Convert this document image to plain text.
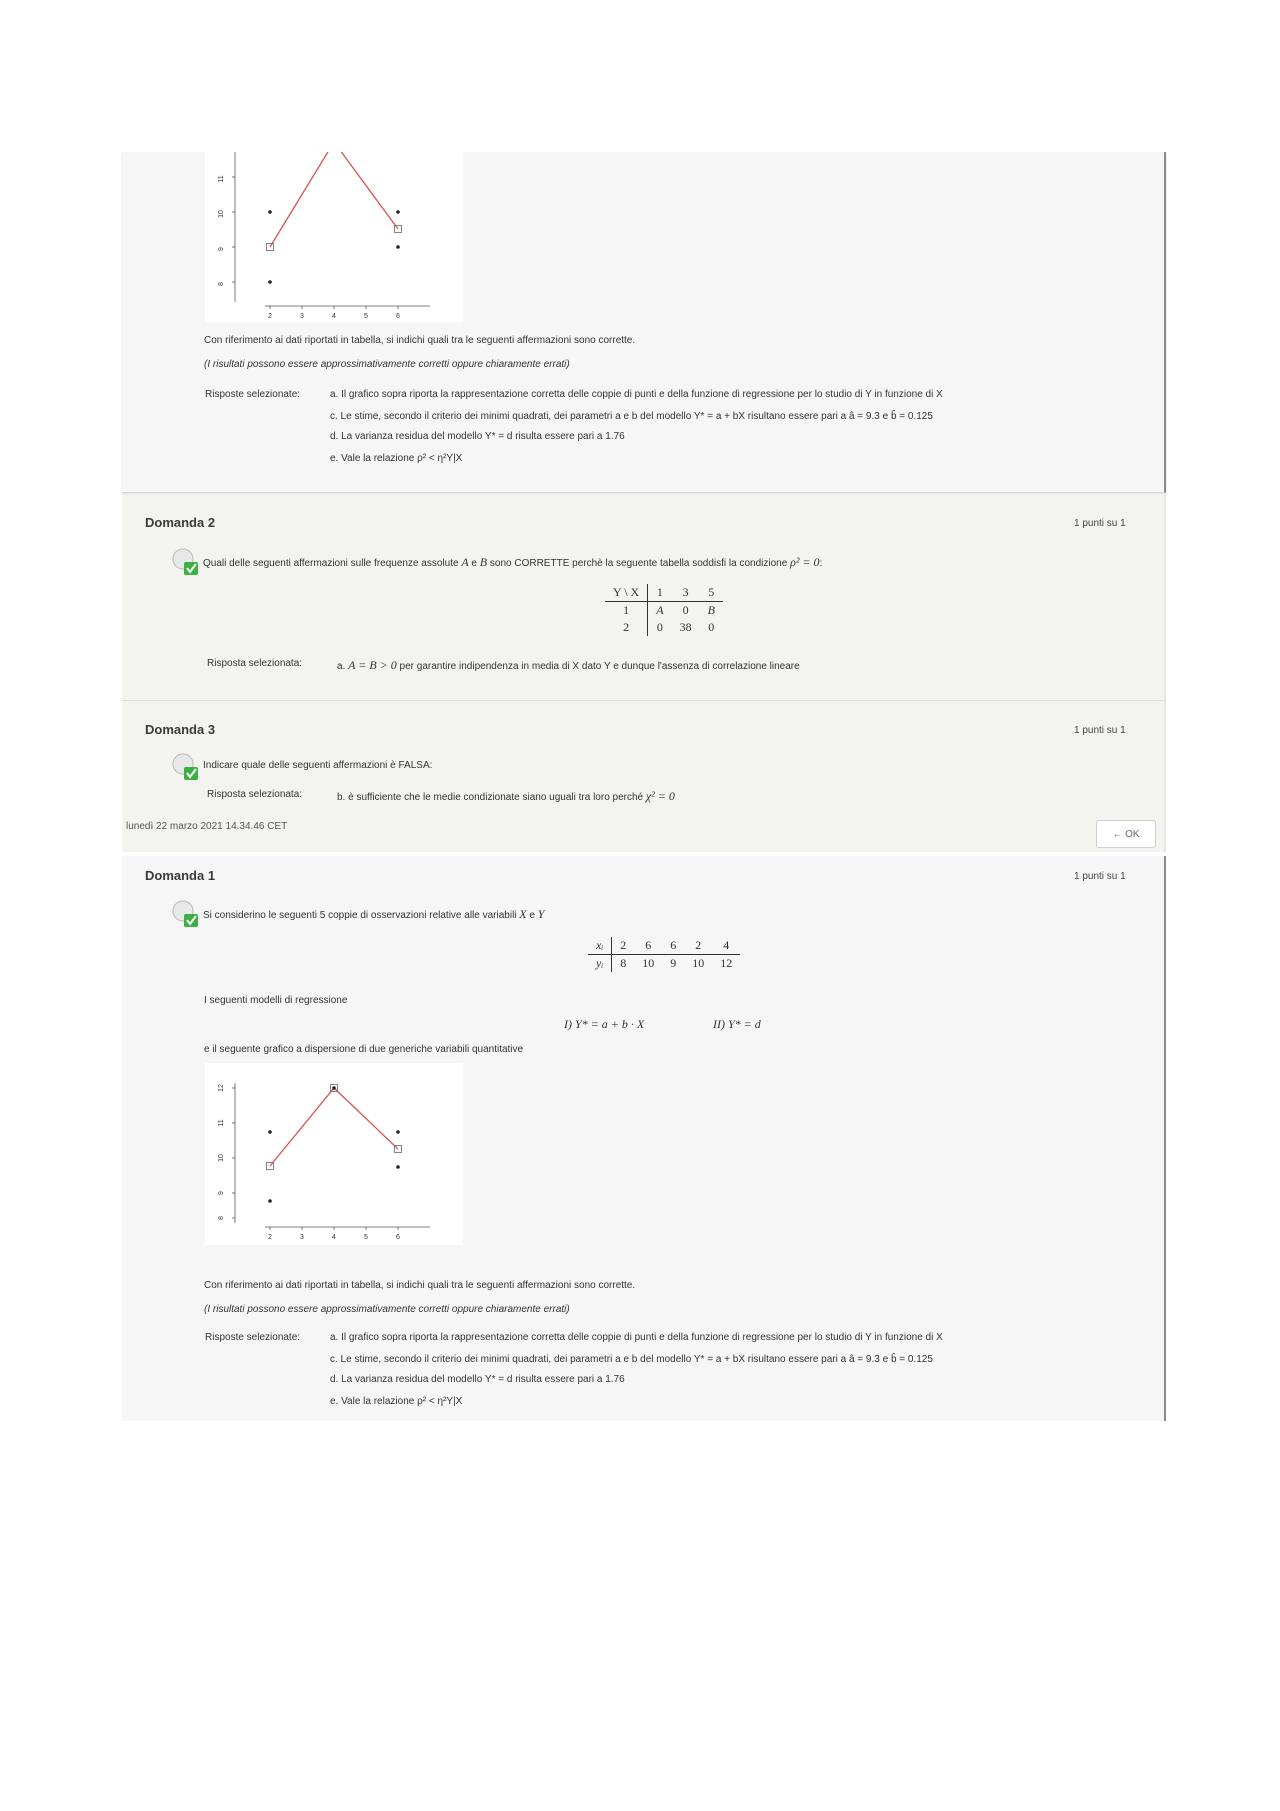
8
9
10
11
2	3	4	5	6
Con riferimento ai dati riportati in tabella, si indichi quali tra le seguenti affermazioni sono corrette.
(I risultati possono essere approssimativamente corretti oppure chiaramente errati)
Risposte selezionate:	a. Il grafico sopra riporta la rappresentazione corretta delle coppie di punti e della funzione di regressione per lo studio di Y in funzione di X
c. Le stime, secondo il criterio dei minimi quadrati, dei parametri a e b del modello Y* = a + bX risultano essere pari a â = 9.3 e b̂ = 0.125
d. La varianza residua del modello Y* = d risulta essere pari a 1.76
e. Vale la relazione ρ² < η²Y|X
Domanda 2	1 punti su 1
Quali delle seguenti affermazioni sulle frequenze assolute A e B sono CORRETTE perchè la seguente tabella soddisfi la condizione ρ² = 0:
Y \ X	1	3	5
1	A	0	B
2	0	38	0
Risposta selezionata:	a. A = B > 0 per garantire indipendenza in media di X dato Y e dunque l'assenza di correlazione lineare
Domanda 3	1 punti su 1
Indicare quale delle seguenti affermazioni è FALSA:
Risposta selezionata:	b. è sufficiente che le medie condizionate siano uguali tra loro perché χ² = 0
lunedì 22 marzo 2021 14.34.46 CET
← OK
Domanda 1	1 punti su 1
Si considerino le seguenti 5 coppie di osservazioni relative alle variabili X e Y
xᵢ	2	6	6	2	4
yᵢ	8	10	9	10	12
I seguenti modelli di regressione
I) Y* = a + b · X	II) Y* = d
e il seguente grafico a dispersione di due generiche variabili quantitative
8
9
10
11
12
2	3	4	5	6
Con riferimento ai dati riportati in tabella, si indichi quali tra le seguenti affermazioni sono corrette.
(I risultati possono essere approssimativamente corretti oppure chiaramente errati)
Risposte selezionate:	a. Il grafico sopra riporta la rappresentazione corretta delle coppie di punti e della funzione di regressione per lo studio di Y in funzione di X
c. Le stime, secondo il criterio dei minimi quadrati, dei parametri a e b del modello Y* = a + bX risultano essere pari a â = 9.3 e b̂ = 0.125
d. La varianza residua del modello Y* = d risulta essere pari a 1.76
e. Vale la relazione ρ² < η²Y|X
